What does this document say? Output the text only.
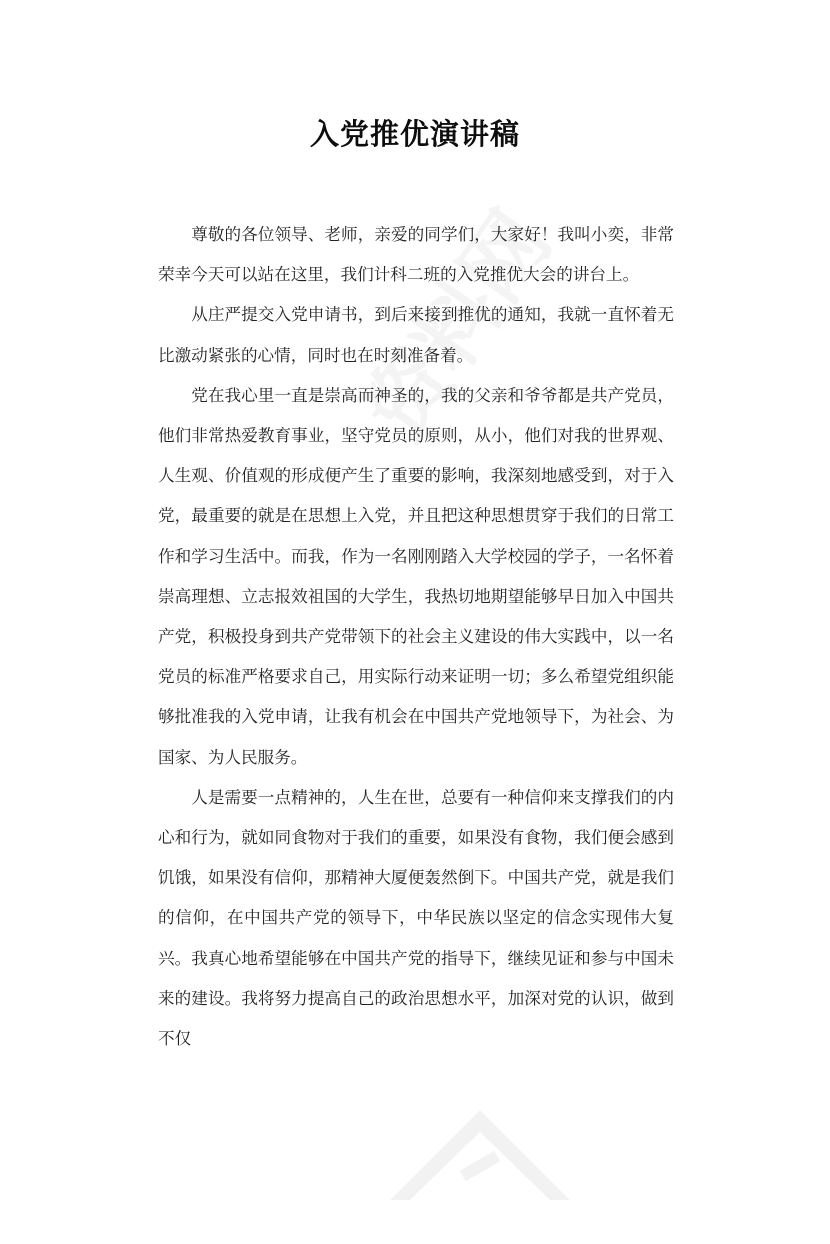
入党推优演讲稿

尊敬的各位领导、老师，亲爱的同学们，大家好！我叫小奕，非常荣幸今天可以站在这里，我们计科二班的入党推优大会的讲台上。

从庄严提交入党申请书，到后来接到推优的通知，我就一直怀着无比激动紧张的心情，同时也在时刻准备着。

党在我心里一直是崇高而神圣的，我的父亲和爷爷都是共产党员，他们非常热爱教育事业，坚守党员的原则，从小，他们对我的世界观、人生观、价值观的形成便产生了重要的影响，我深刻地感受到，对于入党，最重要的就是在思想上入党，并且把这种思想贯穿于我们的日常工作和学习生活中。而我，作为一名刚刚踏入大学校园的学子，一名怀着崇高理想、立志报效祖国的大学生，我热切地期望能够早日加入中国共产党，积极投身到共产党带领下的社会主义建设的伟大实践中，以一名党员的标准严格要求自己，用实际行动来证明一切；多么希望党组织能够批准我的入党申请，让我有机会在中国共产党地领导下，为社会、为国家、为人民服务。

人是需要一点精神的，人生在世，总要有一种信仰来支撑我们的内心和行为，就如同食物对于我们的重要，如果没有食物，我们便会感到饥饿，如果没有信仰，那精神大厦便轰然倒下。中国共产党，就是我们的信仰，在中国共产党的领导下，中华民族以坚定的信念实现伟大复兴。我真心地希望能够在中国共产党的指导下，继续见证和参与中国未来的建设。我将努力提高自己的政治思想水平，加深对党的认识，做到不仅
